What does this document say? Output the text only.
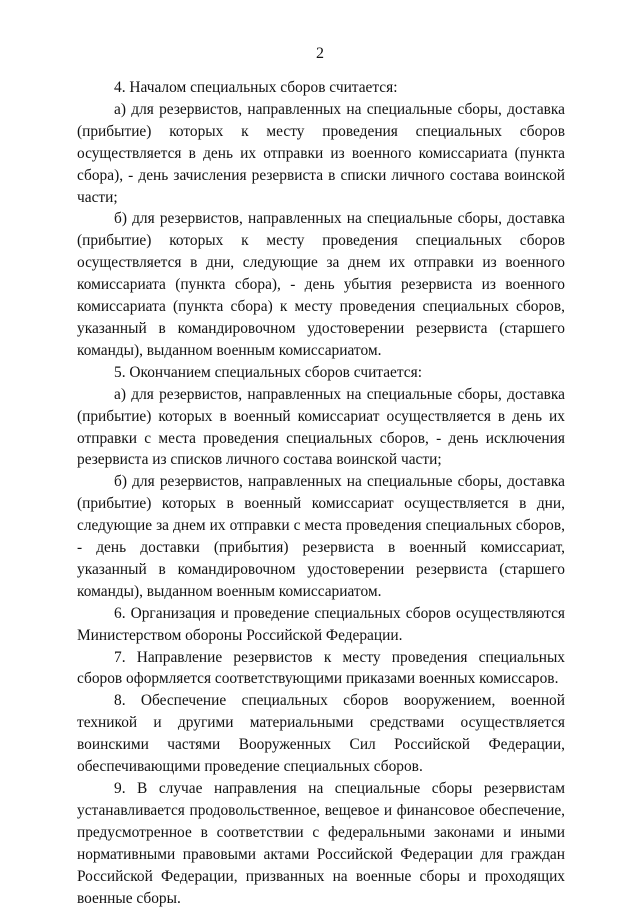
2

4. Началом специальных сборов считается:

а) для резервистов, направленных на специальные сборы, доставка (прибытие) которых к месту проведения специальных сборов осуществляется в день их отправки из военного комиссариата (пункта сбора), - день зачисления резервиста в списки личного состава воинской части;

б) для резервистов, направленных на специальные сборы, доставка (прибытие) которых к месту проведения специальных сборов осуществляется в дни, следующие за днем их отправки из военного комиссариата (пункта сбора), - день убытия резервиста из военного комиссариата (пункта сбора) к месту проведения специальных сборов, указанный в командировочном удостоверении резервиста (старшего команды), выданном военным комиссариатом.

5. Окончанием специальных сборов считается:

а) для резервистов, направленных на специальные сборы, доставка (прибытие) которых в военный комиссариат осуществляется в день их отправки с места проведения специальных сборов, - день исключения резервиста из списков личного состава воинской части;

б) для резервистов, направленных на специальные сборы, доставка (прибытие) которых в военный комиссариат осуществляется в дни, следующие за днем их отправки с места проведения специальных сборов, - день доставки (прибытия) резервиста в военный комиссариат, указанный в командировочном удостоверении резервиста (старшего команды), выданном военным комиссариатом.

6. Организация и проведение специальных сборов осуществляются Министерством обороны Российской Федерации.

7. Направление резервистов к месту проведения специальных сборов оформляется соответствующими приказами военных комиссаров.

8. Обеспечение специальных сборов вооружением, военной техникой и другими материальными средствами осуществляется воинскими частями Вооруженных Сил Российской Федерации, обеспечивающими проведение специальных сборов.

9. В случае направления на специальные сборы резервистам устанавливается продовольственное, вещевое и финансовое обеспечение, предусмотренное в соответствии с федеральными законами и иными нормативными правовыми актами Российской Федерации для граждан Российской Федерации, призванных на военные сборы и проходящих военные сборы.
